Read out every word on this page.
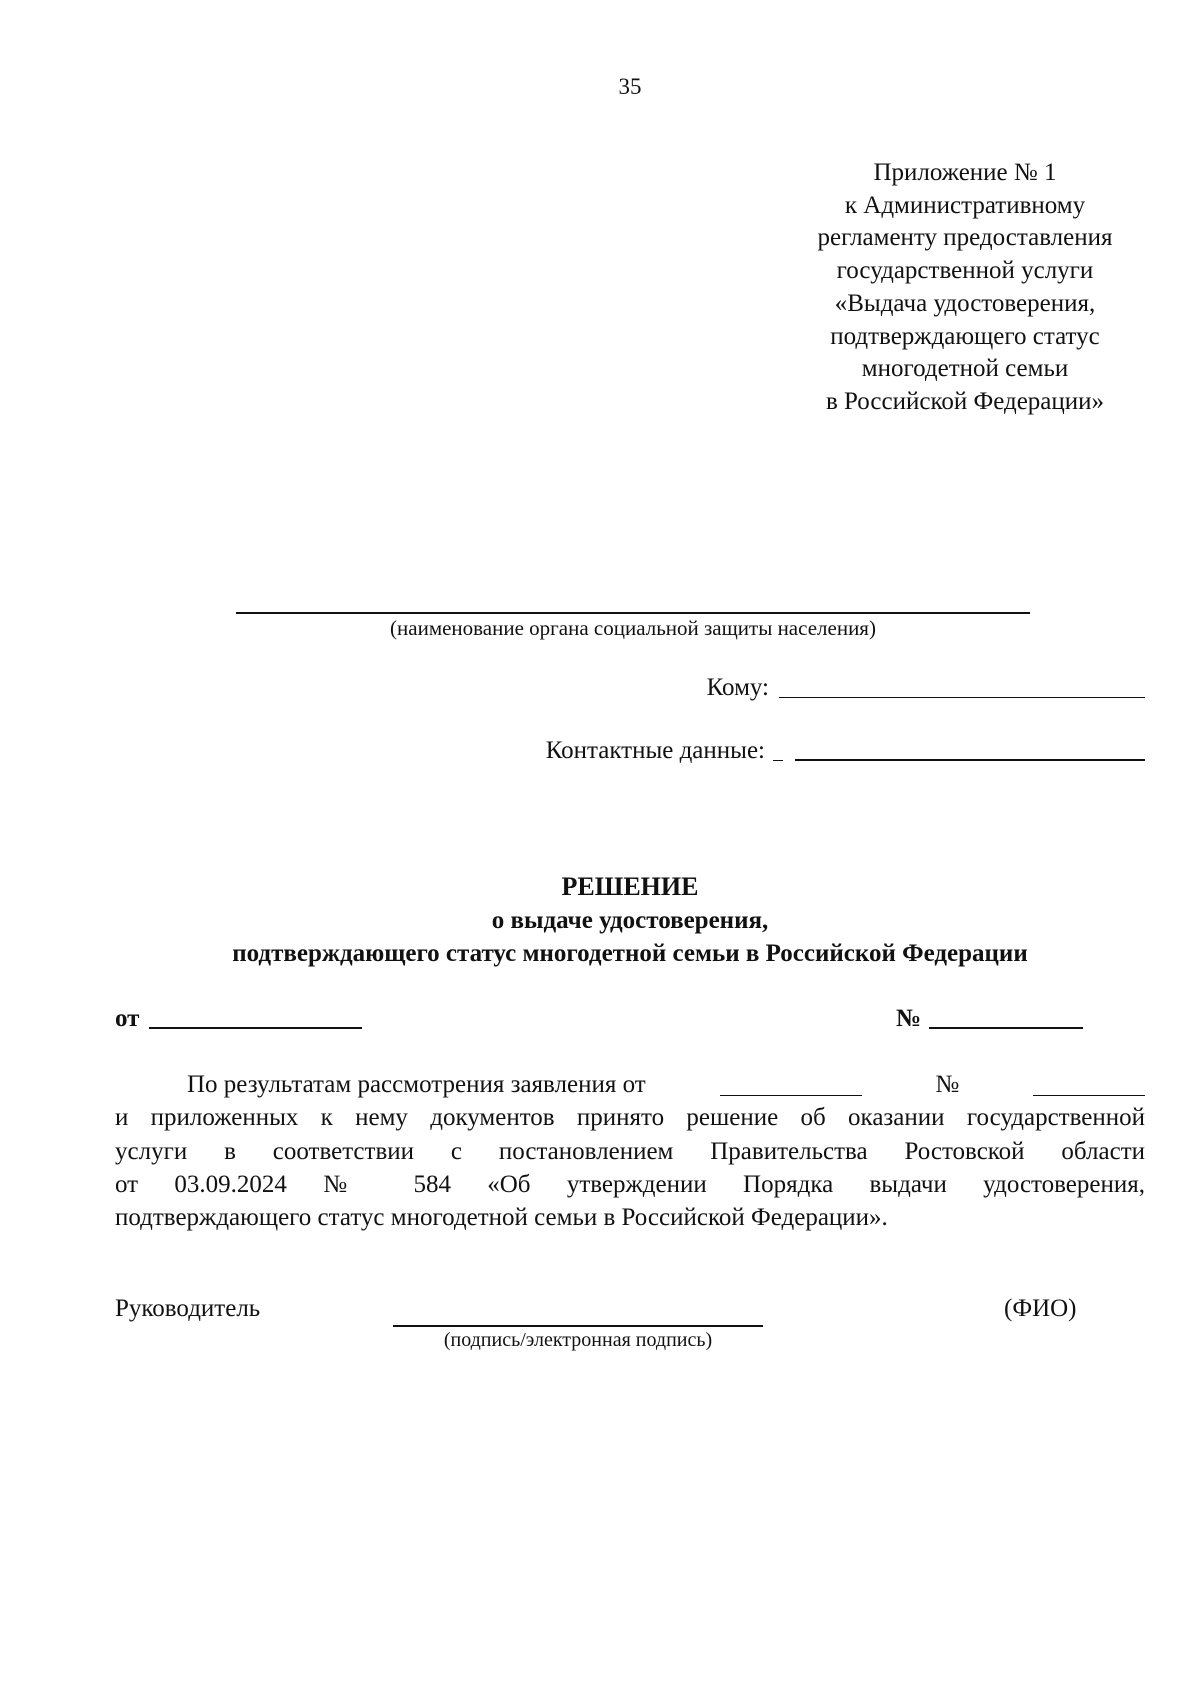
35
Приложение № 1
к Административному
регламенту предоставления
государственной услуги
«Выдача удостоверения,
подтверждающего статус
многодетной семьи
в Российской Федерации»
(наименование органа социальной защиты населения)
Кому:
Контактные данные:
РЕШЕНИЕ
о выдаче удостоверения,
подтверждающего статус многодетной семьи в Российской Федерации
от	№
По результатам рассмотрения заявления от	№
и приложенных к нему документов принято решение об оказании государственной
услуги в соответствии с постановлением Правительства Ростовской области
от 03.09.2024 № 584 «Об утверждении Порядка выдачи удостоверения,
подтверждающего статус многодетной семьи в Российской Федерации».
Руководитель
(подпись/электронная подпись)
(ФИО)
